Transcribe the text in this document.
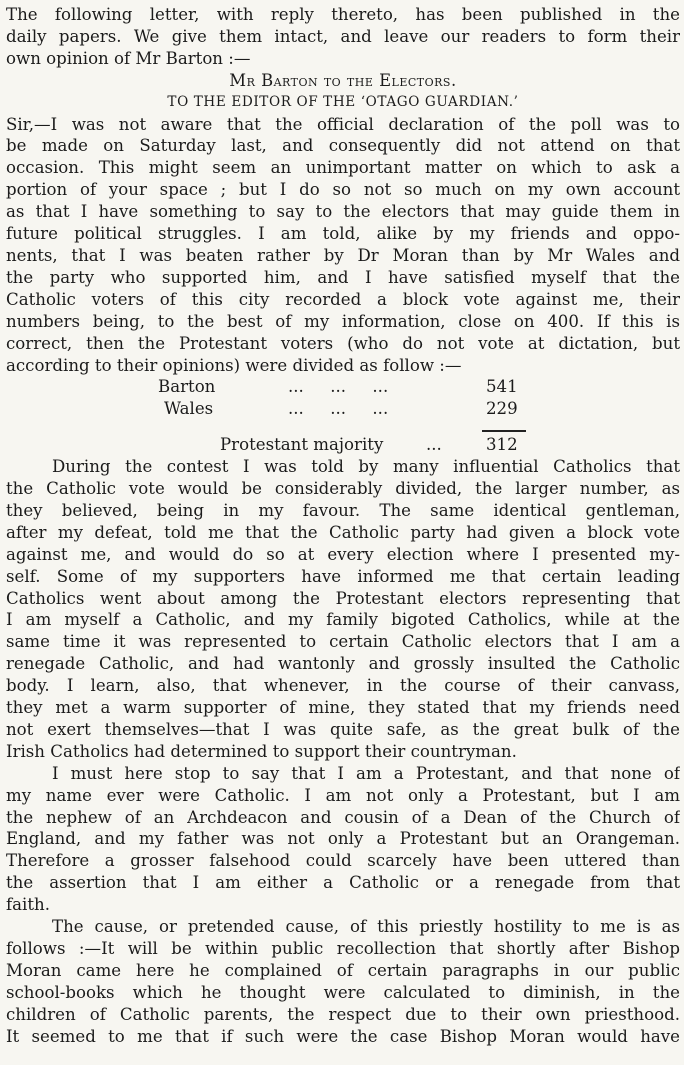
The following letter, with reply thereto, has been published in the
daily papers. We give them intact, and leave our readers to form their
own opinion of Mr Barton :—
Mr Barton to the Electors.
TO THE EDITOR OF THE ‘OTAGO GUARDIAN.’
Sir,—I was not aware that the official declaration of the poll was to
be made on Saturday last, and consequently did not attend on that
occasion. This might seem an unimportant matter on which to ask a
portion of your space ; but I do so not so much on my own account
as that I have something to say to the electors that may guide them in
future political struggles. I am told, alike by my friends and oppo-
nents, that I was beaten rather by Dr Moran than by Mr Wales and
the party who supported him, and I have satisfied myself that the
Catholic voters of this city recorded a block vote against me, their
numbers being, to the best of my information, close on 400. If this is
correct, then the Protestant voters (who do not vote at dictation, but
according to their opinions) were divided as follow :—
Barton	...     ...     ...	541
Wales	...     ...     ...	229
Protestant majority	...	312
During the contest I was told by many influential Catholics that
the Catholic vote would be considerably divided, the larger number, as
they believed, being in my favour. The same identical gentleman,
after my defeat, told me that the Catholic party had given a block vote
against me, and would do so at every election where I presented my-
self. Some of my supporters have informed me that certain leading
Catholics went about among the Protestant electors representing that
I am myself a Catholic, and my family bigoted Catholics, while at the
same time it was represented to certain Catholic electors that I am a
renegade Catholic, and had wantonly and grossly insulted the Catholic
body. I learn, also, that whenever, in the course of their canvass,
they met a warm supporter of mine, they stated that my friends need
not exert themselves—that I was quite safe, as the great bulk of the
Irish Catholics had determined to support their countryman.
I must here stop to say that I am a Protestant, and that none of
my name ever were Catholic. I am not only a Protestant, but I am
the nephew of an Archdeacon and cousin of a Dean of the Church of
England, and my father was not only a Protestant but an Orangeman.
Therefore a grosser falsehood could scarcely have been uttered than
the assertion that I am either a Catholic or a renegade from that
faith.
The cause, or pretended cause, of this priestly hostility to me is as
follows :—It will be within public recollection that shortly after Bishop
Moran came here he complained of certain paragraphs in our public
school-books which he thought were calculated to diminish, in the
children of Catholic parents, the respect due to their own priesthood.
It seemed to me that if such were the case Bishop Moran would have
